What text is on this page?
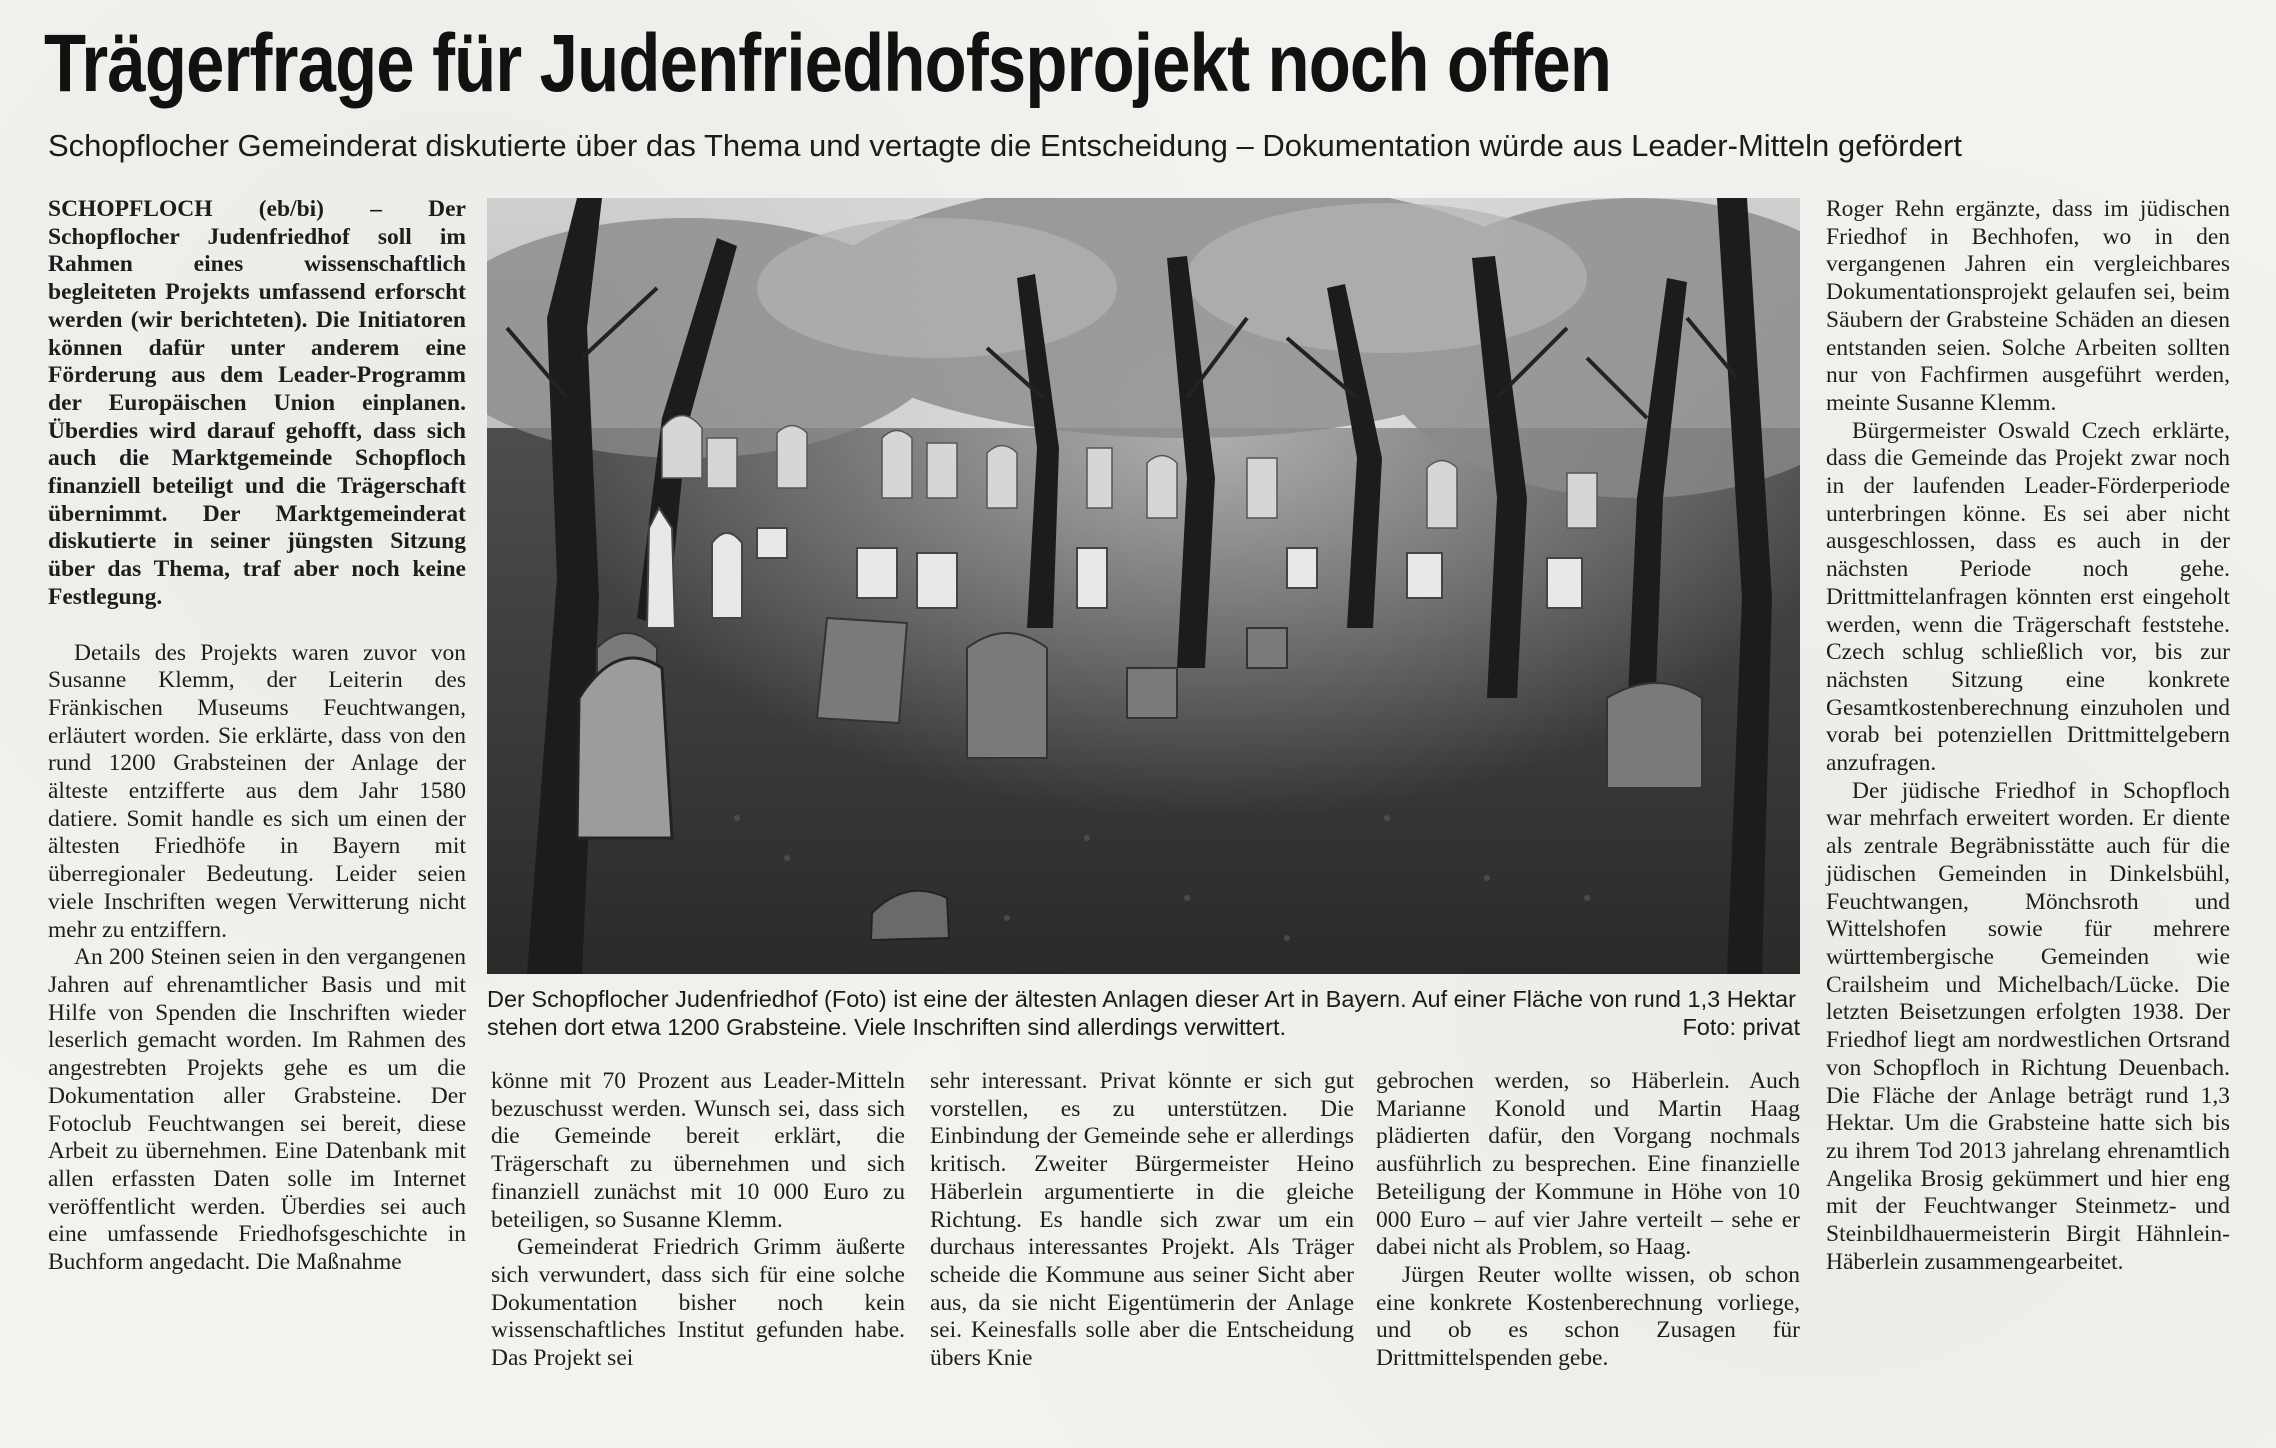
Trägerfrage für Judenfriedhofsprojekt noch offen
Schopflocher Gemeinderat diskutierte über das Thema und vertagte die Entscheidung – Dokumentation würde aus Leader-Mitteln gefördert
SCHOPFLOCH (eb/bi) – Der Schopflocher Judenfriedhof soll im Rahmen eines wissenschaftlich begleiteten Projekts umfassend erforscht werden (wir berichteten). Die Initiatoren können dafür unter anderem eine Förderung aus dem Leader-Programm der Europäischen Union einplanen. Überdies wird darauf gehofft, dass sich auch die Marktgemeinde Schopfloch finanziell beteiligt und die Trägerschaft übernimmt. Der Marktgemeinderat diskutierte in seiner jüngsten Sitzung über das Thema, traf aber noch keine Festlegung.

Details des Projekts waren zuvor von Susanne Klemm, der Leiterin des Fränkischen Museums Feuchtwangen, erläutert worden. Sie erklärte, dass von den rund 1200 Grabsteinen der Anlage der älteste entzifferte aus dem Jahr 1580 datiere. Somit handle es sich um einen der ältesten Friedhöfe in Bayern mit überregionaler Bedeutung. Leider seien viele Inschriften wegen Verwitterung nicht mehr zu entziffern.

An 200 Steinen seien in den vergangenen Jahren auf ehrenamtlicher Basis und mit Hilfe von Spenden die Inschriften wieder leserlich gemacht worden. Im Rahmen des angestrebten Projekts gehe es um die Dokumentation aller Grabsteine. Der Fotoclub Feuchtwangen sei bereit, diese Arbeit zu übernehmen. Eine Datenbank mit allen erfassten Daten solle im Internet veröffentlicht werden. Überdies sei auch eine umfassende Friedhofsgeschichte in Buchform angedacht. Die Maßnahme

Der Schopflocher Judenfriedhof (Foto) ist eine der ältesten Anlagen dieser Art in Bayern. Auf einer Fläche von rund 1,3 Hektar stehen dort etwa 1200 Grabsteine. Viele Inschriften sind allerdings verwittert.	Foto: privat

könne mit 70 Prozent aus Leader-Mitteln bezuschusst werden. Wunsch sei, dass sich die Gemeinde bereit erklärt, die Trägerschaft zu übernehmen und sich finanziell zunächst mit 10 000 Euro zu beteiligen, so Susanne Klemm.

Gemeinderat Friedrich Grimm äußerte sich verwundert, dass sich für eine solche Dokumentation bisher noch kein wissenschaftliches Institut gefunden habe. Das Projekt sei

sehr interessant. Privat könnte er sich gut vorstellen, es zu unterstützen. Die Einbindung der Gemeinde sehe er allerdings kritisch. Zweiter Bürgermeister Heino Häberlein argumentierte in die gleiche Richtung. Es handle sich zwar um ein durchaus interessantes Projekt. Als Träger scheide die Kommune aus seiner Sicht aber aus, da sie nicht Eigentümerin der Anlage sei. Keinesfalls solle aber die Entscheidung übers Knie

gebrochen werden, so Häberlein. Auch Marianne Konold und Martin Haag plädierten dafür, den Vorgang nochmals ausführlich zu besprechen. Eine finanzielle Beteiligung der Kommune in Höhe von 10 000 Euro – auf vier Jahre verteilt – sehe er dabei nicht als Problem, so Haag.

Jürgen Reuter wollte wissen, ob schon eine konkrete Kostenberechnung vorliege, und ob es schon Zusagen für Drittmittelspenden gebe.

Roger Rehn ergänzte, dass im jüdischen Friedhof in Bechhofen, wo in den vergangenen Jahren ein vergleichbares Dokumentationsprojekt gelaufen sei, beim Säubern der Grabsteine Schäden an diesen entstanden seien. Solche Arbeiten sollten nur von Fachfirmen ausgeführt werden, meinte Susanne Klemm.

Bürgermeister Oswald Czech erklärte, dass die Gemeinde das Projekt zwar noch in der laufenden Leader-Förderperiode unterbringen könne. Es sei aber nicht ausgeschlossen, dass es auch in der nächsten Periode noch gehe. Drittmittelanfragen könnten erst eingeholt werden, wenn die Trägerschaft feststehe. Czech schlug schließlich vor, bis zur nächsten Sitzung eine konkrete Gesamtkostenberechnung einzuholen und vorab bei potenziellen Drittmittelgebern anzufragen.

Der jüdische Friedhof in Schopfloch war mehrfach erweitert worden. Er diente als zentrale Begräbnisstätte auch für die jüdischen Gemeinden in Dinkelsbühl, Feuchtwangen, Mönchsroth und Wittelshofen sowie für mehrere württembergische Gemeinden wie Crailsheim und Michelbach/Lücke. Die letzten Beisetzungen erfolgten 1938. Der Friedhof liegt am nordwestlichen Ortsrand von Schopfloch in Richtung Deuenbach. Die Fläche der Anlage beträgt rund 1,3 Hektar. Um die Grabsteine hatte sich bis zu ihrem Tod 2013 jahrelang ehrenamtlich Angelika Brosig gekümmert und hier eng mit der Feuchtwanger Steinmetz- und Steinbildhauermeisterin Birgit Hähnlein-Häberlein zusammengearbeitet.
